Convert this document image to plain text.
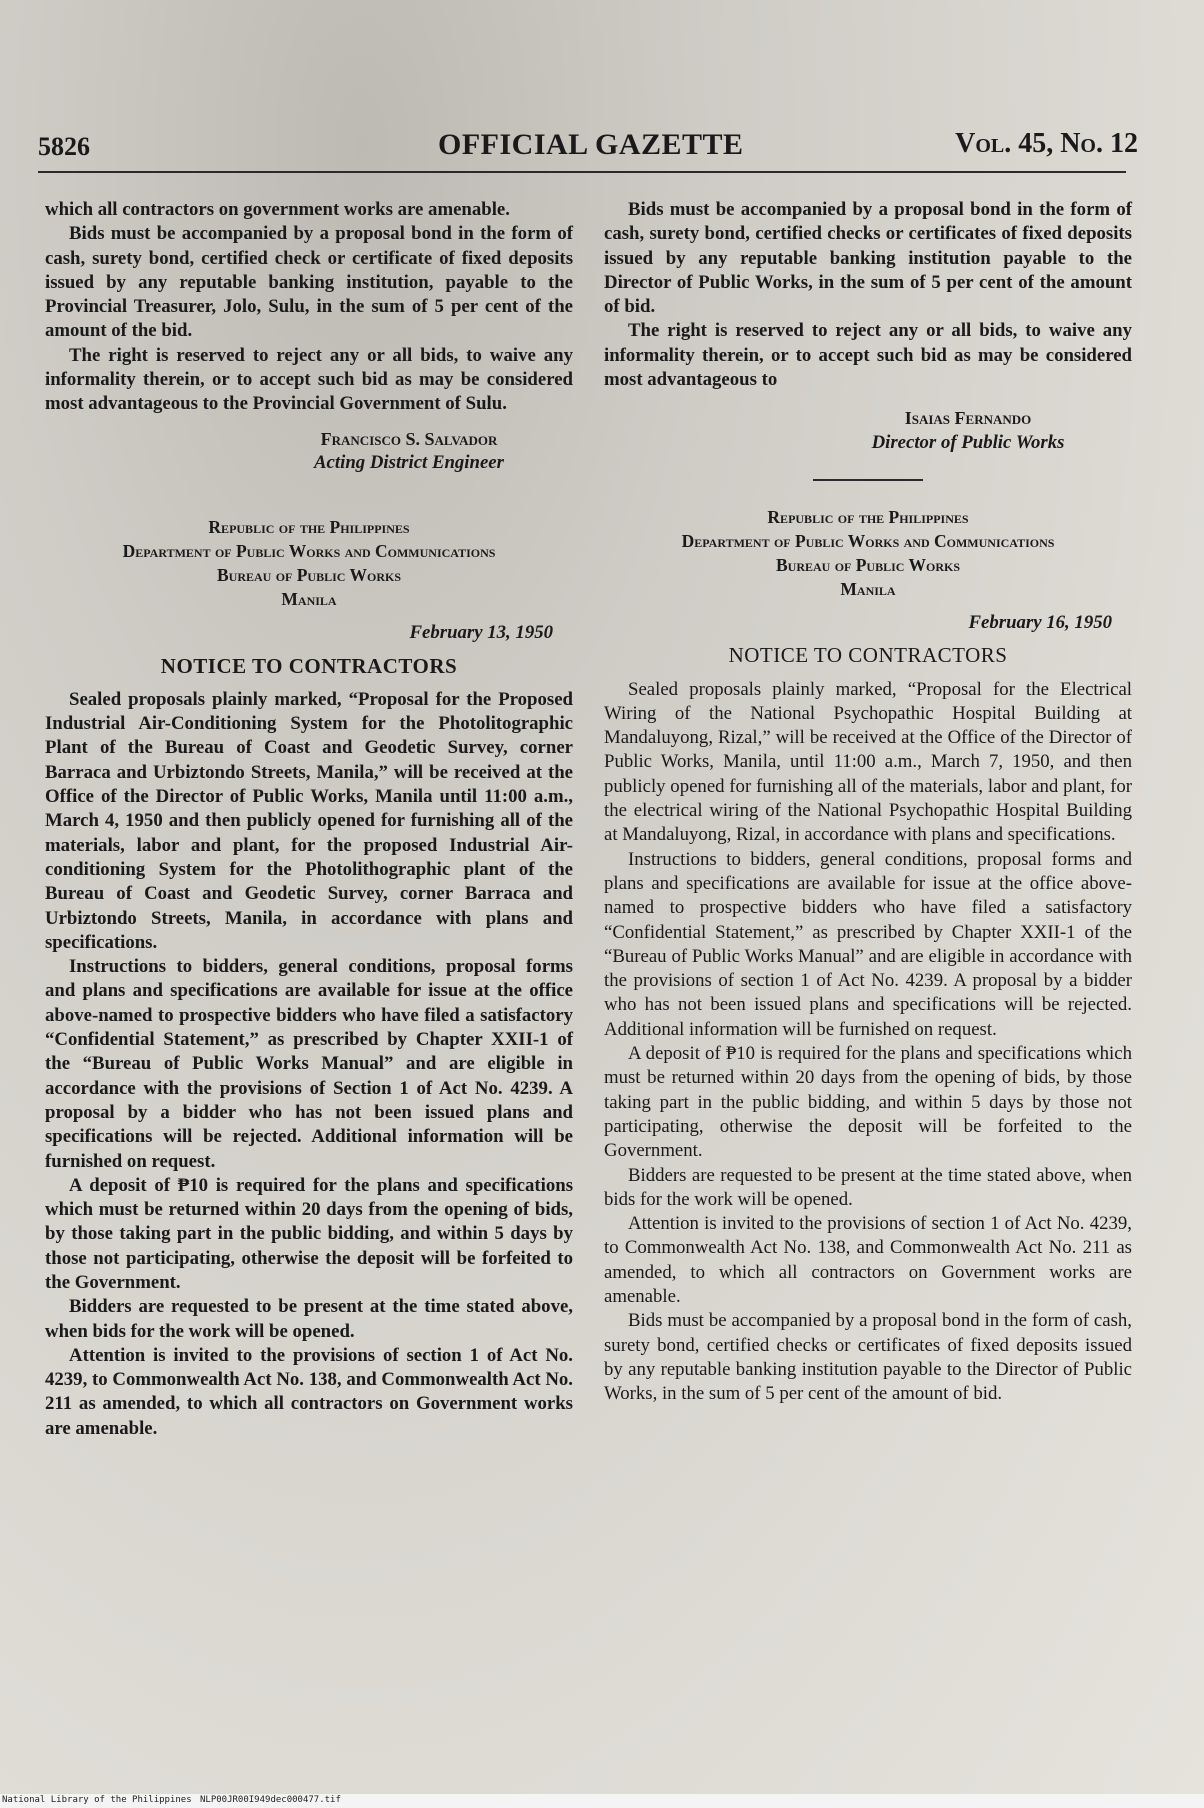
5826	OFFICIAL GAZETTE	Vol. 45, No. 12

which all contractors on government works are amenable.

Bids must be accompanied by a proposal bond in the form of cash, surety bond, certified check or certificate of fixed deposits issued by any reputable banking institution, payable to the Provincial Treasurer, Jolo, Sulu, in the sum of 5 per cent of the amount of the bid.

The right is reserved to reject any or all bids, to waive any informality therein, or to accept such bid as may be considered most advantageous to the Provincial Government of Sulu.

Francisco S. Salvador
Acting District Engineer
Republic of the Philippines
Department of Public Works and Communications
Bureau of Public Works
Manila
February 13, 1950
NOTICE TO CONTRACTORS

Sealed proposals plainly marked, “Proposal for the Proposed Industrial Air-Conditioning System for the Photolitographic Plant of the Bureau of Coast and Geodetic Survey, corner Barraca and Urbiztondo Streets, Manila,” will be received at the Office of the Director of Public Works, Manila until 11:00 a.m., March 4, 1950 and then publicly opened for furnishing all of the materials, labor and plant, for the proposed Industrial Air-conditioning System for the Photolithographic plant of the Bureau of Coast and Geodetic Survey, corner Barraca and Urbiztondo Streets, Manila, in accordance with plans and specifications.

Instructions to bidders, general conditions, proposal forms and plans and specifications are available for issue at the office above-named to prospective bidders who have filed a satisfactory “Confidential Statement,” as prescribed by Chapter XXII-1 of the “Bureau of Public Works Manual” and are eligible in accordance with the provisions of Section 1 of Act No. 4239. A proposal by a bidder who has not been issued plans and specifications will be rejected. Additional information will be furnished on request.

A deposit of ₱10 is required for the plans and specifications which must be returned within 20 days from the opening of bids, by those taking part in the public bidding, and within 5 days by those not participating, otherwise the deposit will be forfeited to the Government.

Bidders are requested to be present at the time stated above, when bids for the work will be opened.

Attention is invited to the provisions of section 1 of Act No. 4239, to Commonwealth Act No. 138, and Commonwealth Act No. 211 as amended, to which all contractors on Government works are amenable.

Bids must be accompanied by a proposal bond in the form of cash, surety bond, certified checks or certificates of fixed deposits issued by any reputable banking institution payable to the Director of Public Works, in the sum of 5 per cent of the amount of bid.

The right is reserved to reject any or all bids, to waive any informality therein, or to accept such bid as may be considered most advantageous to

Isaias Fernando
Director of Public Works
Republic of the Philippines
Department of Public Works and Communications
Bureau of Public Works
Manila
February 16, 1950
NOTICE TO CONTRACTORS

Sealed proposals plainly marked, “Proposal for the Electrical Wiring of the National Psychopathic Hospital Building at Mandaluyong, Rizal,” will be received at the Office of the Director of Public Works, Manila, until 11:00 a.m., March 7, 1950, and then publicly opened for furnishing all of the materials, labor and plant, for the electrical wiring of the National Psychopathic Hospital Building at Mandaluyong, Rizal, in accordance with plans and specifications.

Instructions to bidders, general conditions, proposal forms and plans and specifications are available for issue at the office above-named to prospective bidders who have filed a satisfactory “Confidential Statement,” as prescribed by Chapter XXII-1 of the “Bureau of Public Works Manual” and are eligible in accordance with the provisions of section 1 of Act No. 4239. A proposal by a bidder who has not been issued plans and specifications will be rejected. Additional information will be furnished on request.

A deposit of ₱10 is required for the plans and specifications which must be returned within 20 days from the opening of bids, by those taking part in the public bidding, and within 5 days by those not participating, otherwise the deposit will be forfeited to the Government.

Bidders are requested to be present at the time stated above, when bids for the work will be opened.

Attention is invited to the provisions of section 1 of Act No. 4239, to Commonwealth Act No. 138, and Commonwealth Act No. 211 as amended, to which all contractors on Government works are amenable.

Bids must be accompanied by a proposal bond in the form of cash, surety bond, certified checks or certificates of fixed deposits issued by any reputable banking institution payable to the Director of Public Works, in the sum of 5 per cent of the amount of bid.

National Library of the Philippines NLP00JR00I949dec000477.tif
